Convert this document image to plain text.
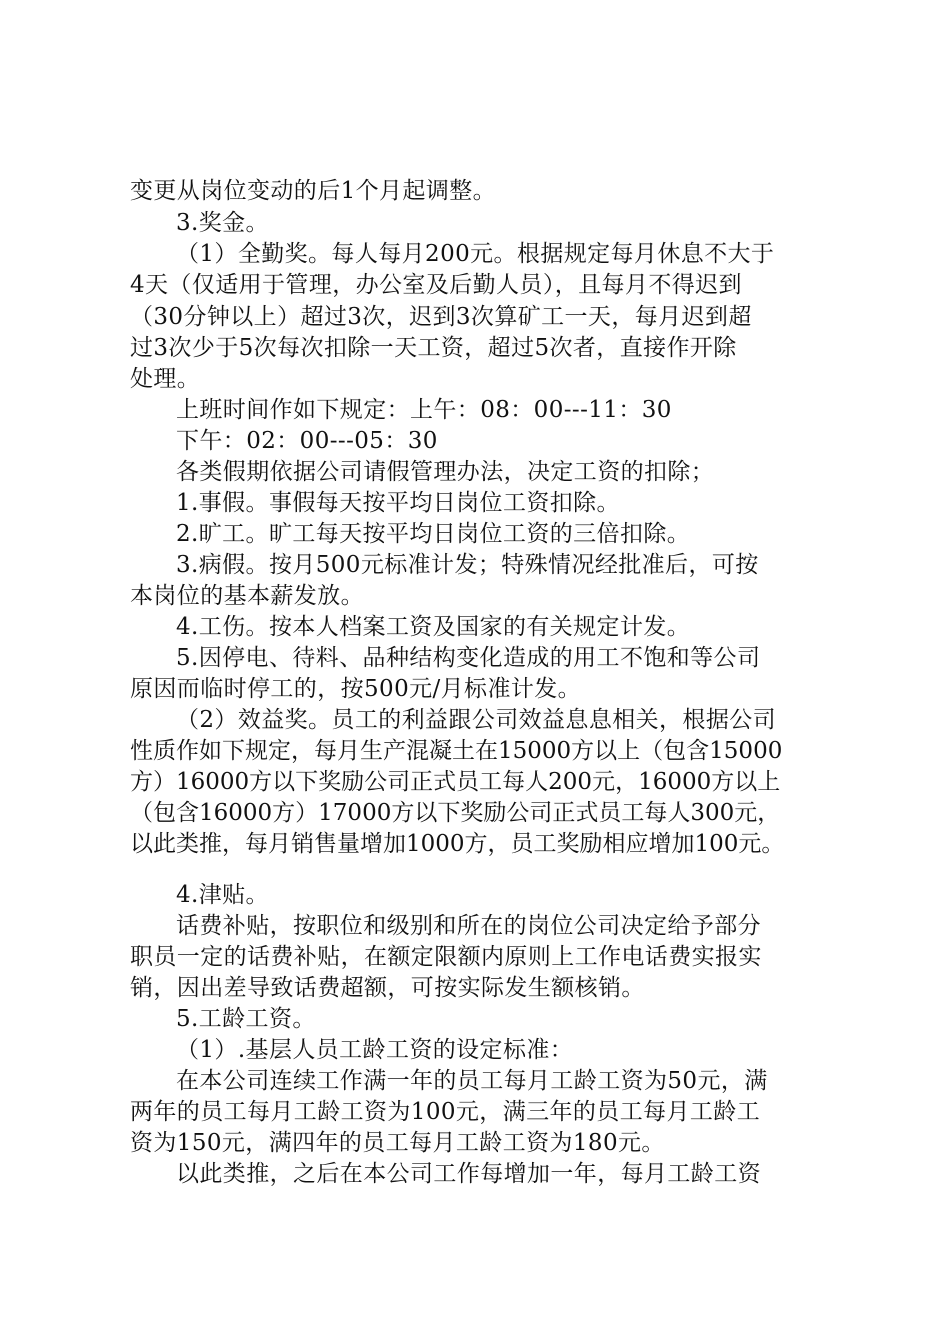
变更从岗位变动的后1个月起调整。
3.奖金。
（1）全勤奖。每人每月200元。根据规定每月休息不大于
4天（仅适用于管理，办公室及后勤人员），且每月不得迟到
（30分钟以上）超过3次，迟到3次算矿工一天，每月迟到超
过3次少于5次每次扣除一天工资，超过5次者，直接作开除
处理。
上班时间作如下规定：上午：08：00---11：30
下午：02：00---05：30
各类假期依据公司请假管理办法，决定工资的扣除；
1.事假。事假每天按平均日岗位工资扣除。
2.旷工。旷工每天按平均日岗位工资的三倍扣除。
3.病假。按月500元标准计发；特殊情况经批准后，可按
本岗位的基本薪发放。
4.工伤。按本人档案工资及国家的有关规定计发。
5.因停电、待料、品种结构变化造成的用工不饱和等公司
原因而临时停工的，按500元/月标准计发。
（2）效益奖。员工的利益跟公司效益息息相关，根据公司
性质作如下规定，每月生产混凝土在15000方以上（包含15000
方）16000方以下奖励公司正式员工每人200元，16000方以上
（包含16000方）17000方以下奖励公司正式员工每人300元，
以此类推，每月销售量增加1000方，员工奖励相应增加100元。
4.津贴。
话费补贴，按职位和级别和所在的岗位公司决定给予部分
职员一定的话费补贴，在额定限额内原则上工作电话费实报实
销，因出差导致话费超额，可按实际发生额核销。
5.工龄工资。
（1）.基层人员工龄工资的设定标准：
在本公司连续工作满一年的员工每月工龄工资为50元，满
两年的员工每月工龄工资为100元，满三年的员工每月工龄工
资为150元，满四年的员工每月工龄工资为180元。
以此类推，之后在本公司工作每增加一年，每月工龄工资
